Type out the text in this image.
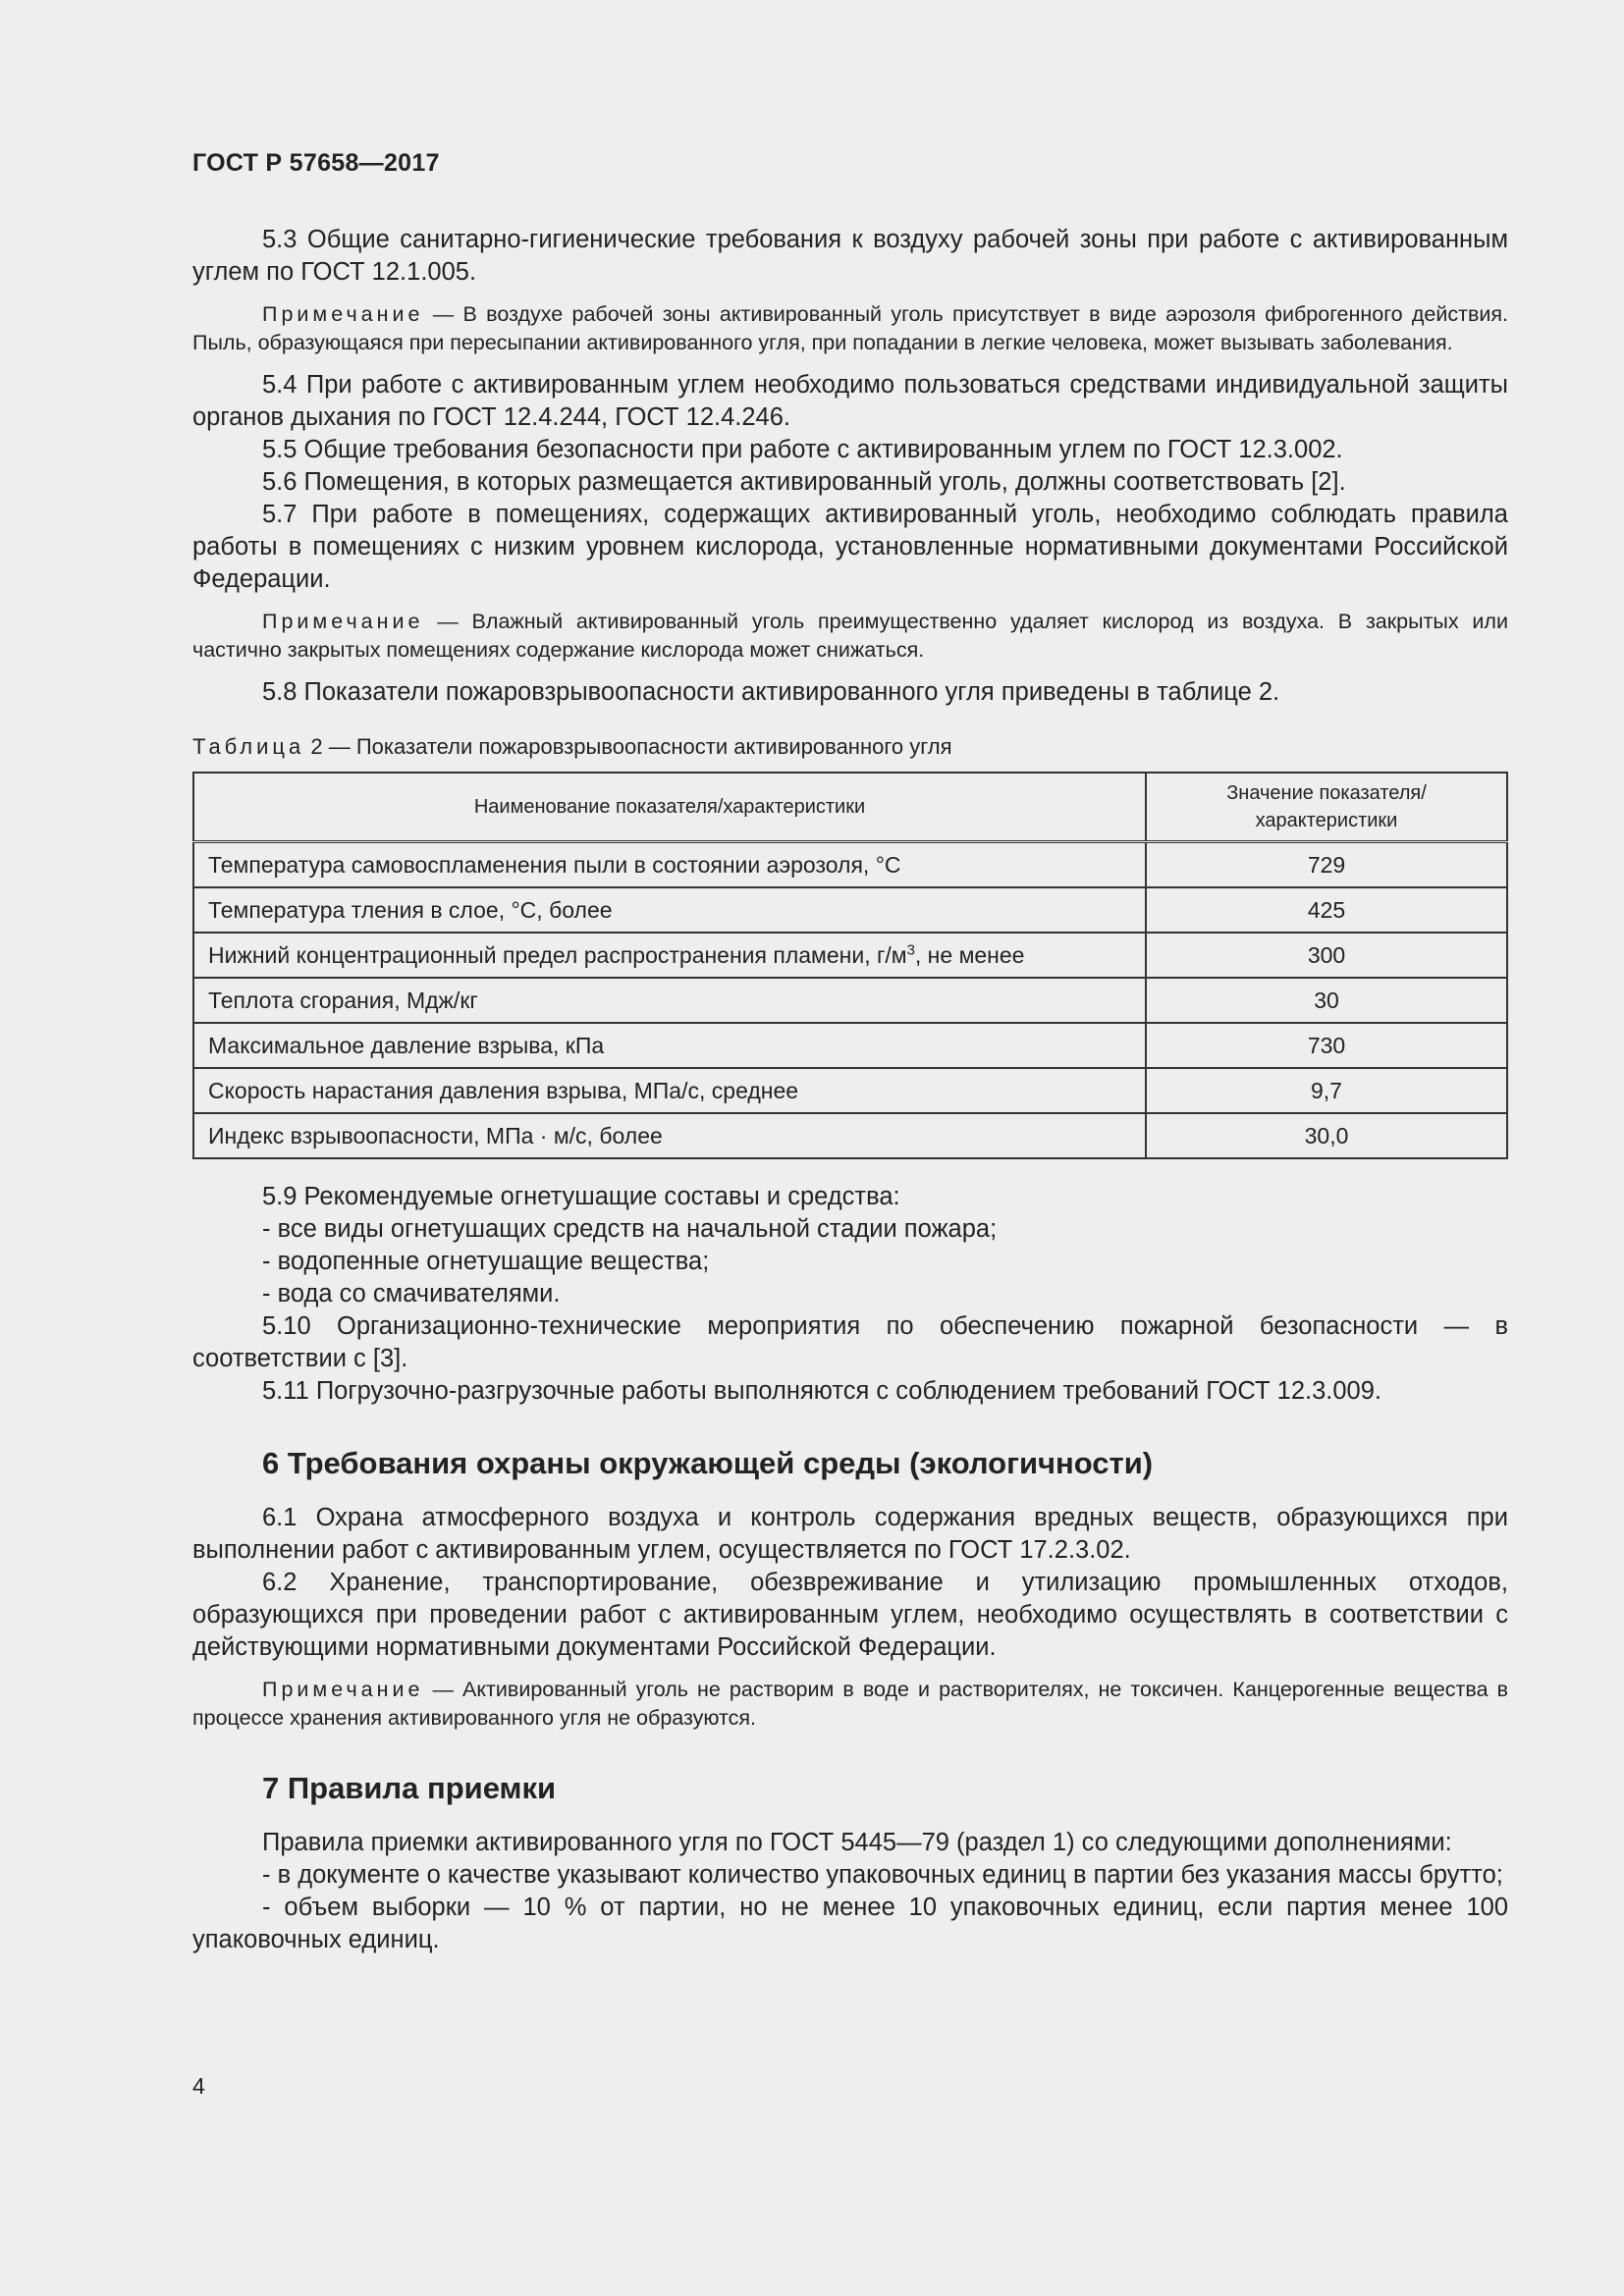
ГОСТ Р 57658—2017

5.3 Общие санитарно-гигиенические требования к воздуху рабочей зоны при работе с активированным углем по ГОСТ 12.1.005.

Примечание — В воздухе рабочей зоны активированный уголь присутствует в виде аэрозоля фиброгенного действия. Пыль, образующаяся при пересыпании активированного угля, при попадании в легкие человека, может вызывать заболевания.

5.4 При работе с активированным углем необходимо пользоваться средствами индивидуальной защиты органов дыхания по ГОСТ 12.4.244, ГОСТ 12.4.246.

5.5 Общие требования безопасности при работе с активированным углем по ГОСТ 12.3.002.

5.6 Помещения, в которых размещается активированный уголь, должны соответствовать [2].

5.7 При работе в помещениях, содержащих активированный уголь, необходимо соблюдать правила работы в помещениях с низким уровнем кислорода, установленные нормативными документами Российской Федерации.

Примечание — Влажный активированный уголь преимущественно удаляет кислород из воздуха. В закрытых или частично закрытых помещениях содержание кислорода может снижаться.

5.8 Показатели пожаровзрывоопасности активированного угля приведены в таблице 2.

Таблица 2 — Показатели пожаровзрывоопасности активированного угля
Наименование показателя/характеристики	Значение показателя/характеристики
Температура самовоспламенения пыли в состоянии аэрозоля, °С	729
Температура тления в слое, °С, более	425
Нижний концентрационный предел распространения пламени, $г/м^3$, не менее	300
Теплота сгорания, Мдж/кг	30
Максимальное давление взрыва, кПа	730
Скорость нарастания давления взрыва, МПа/с, среднее	9,7
Индекс взрывоопасности, МПа · м/с, более	30,0

5.9 Рекомендуемые огнетушащие составы и средства:

- все виды огнетушащих средств на начальной стадии пожара;
- водопенные огнетушащие вещества;
- вода со смачивателями.

5.10 Организационно-технические мероприятия по обеспечению пожарной безопасности — в соответствии с [3].

5.11 Погрузочно-разгрузочные работы выполняются с соблюдением требований ГОСТ 12.3.009.

6 Требования охраны окружающей среды (экологичности)

6.1 Охрана атмосферного воздуха и контроль содержания вредных веществ, образующихся при выполнении работ с активированным углем, осуществляется по ГОСТ 17.2.3.02.

6.2 Хранение, транспортирование, обезвреживание и утилизацию промышленных отходов, образующихся при проведении работ с активированным углем, необходимо осуществлять в соответствии с действующими нормативными документами Российской Федерации.

Примечание — Активированный уголь не растворим в воде и растворителях, не токсичен. Канцерогенные вещества в процессе хранения активированного угля не образуются.

7 Правила приемки

Правила приемки активированного угля по ГОСТ 5445—79 (раздел 1) со следующими дополнениями:

- в документе о качестве указывают количество упаковочных единиц в партии без указания массы брутто;

- объем выборки — 10 % от партии, но не менее 10 упаковочных единиц, если партия менее 100 упаковочных единиц.

4
